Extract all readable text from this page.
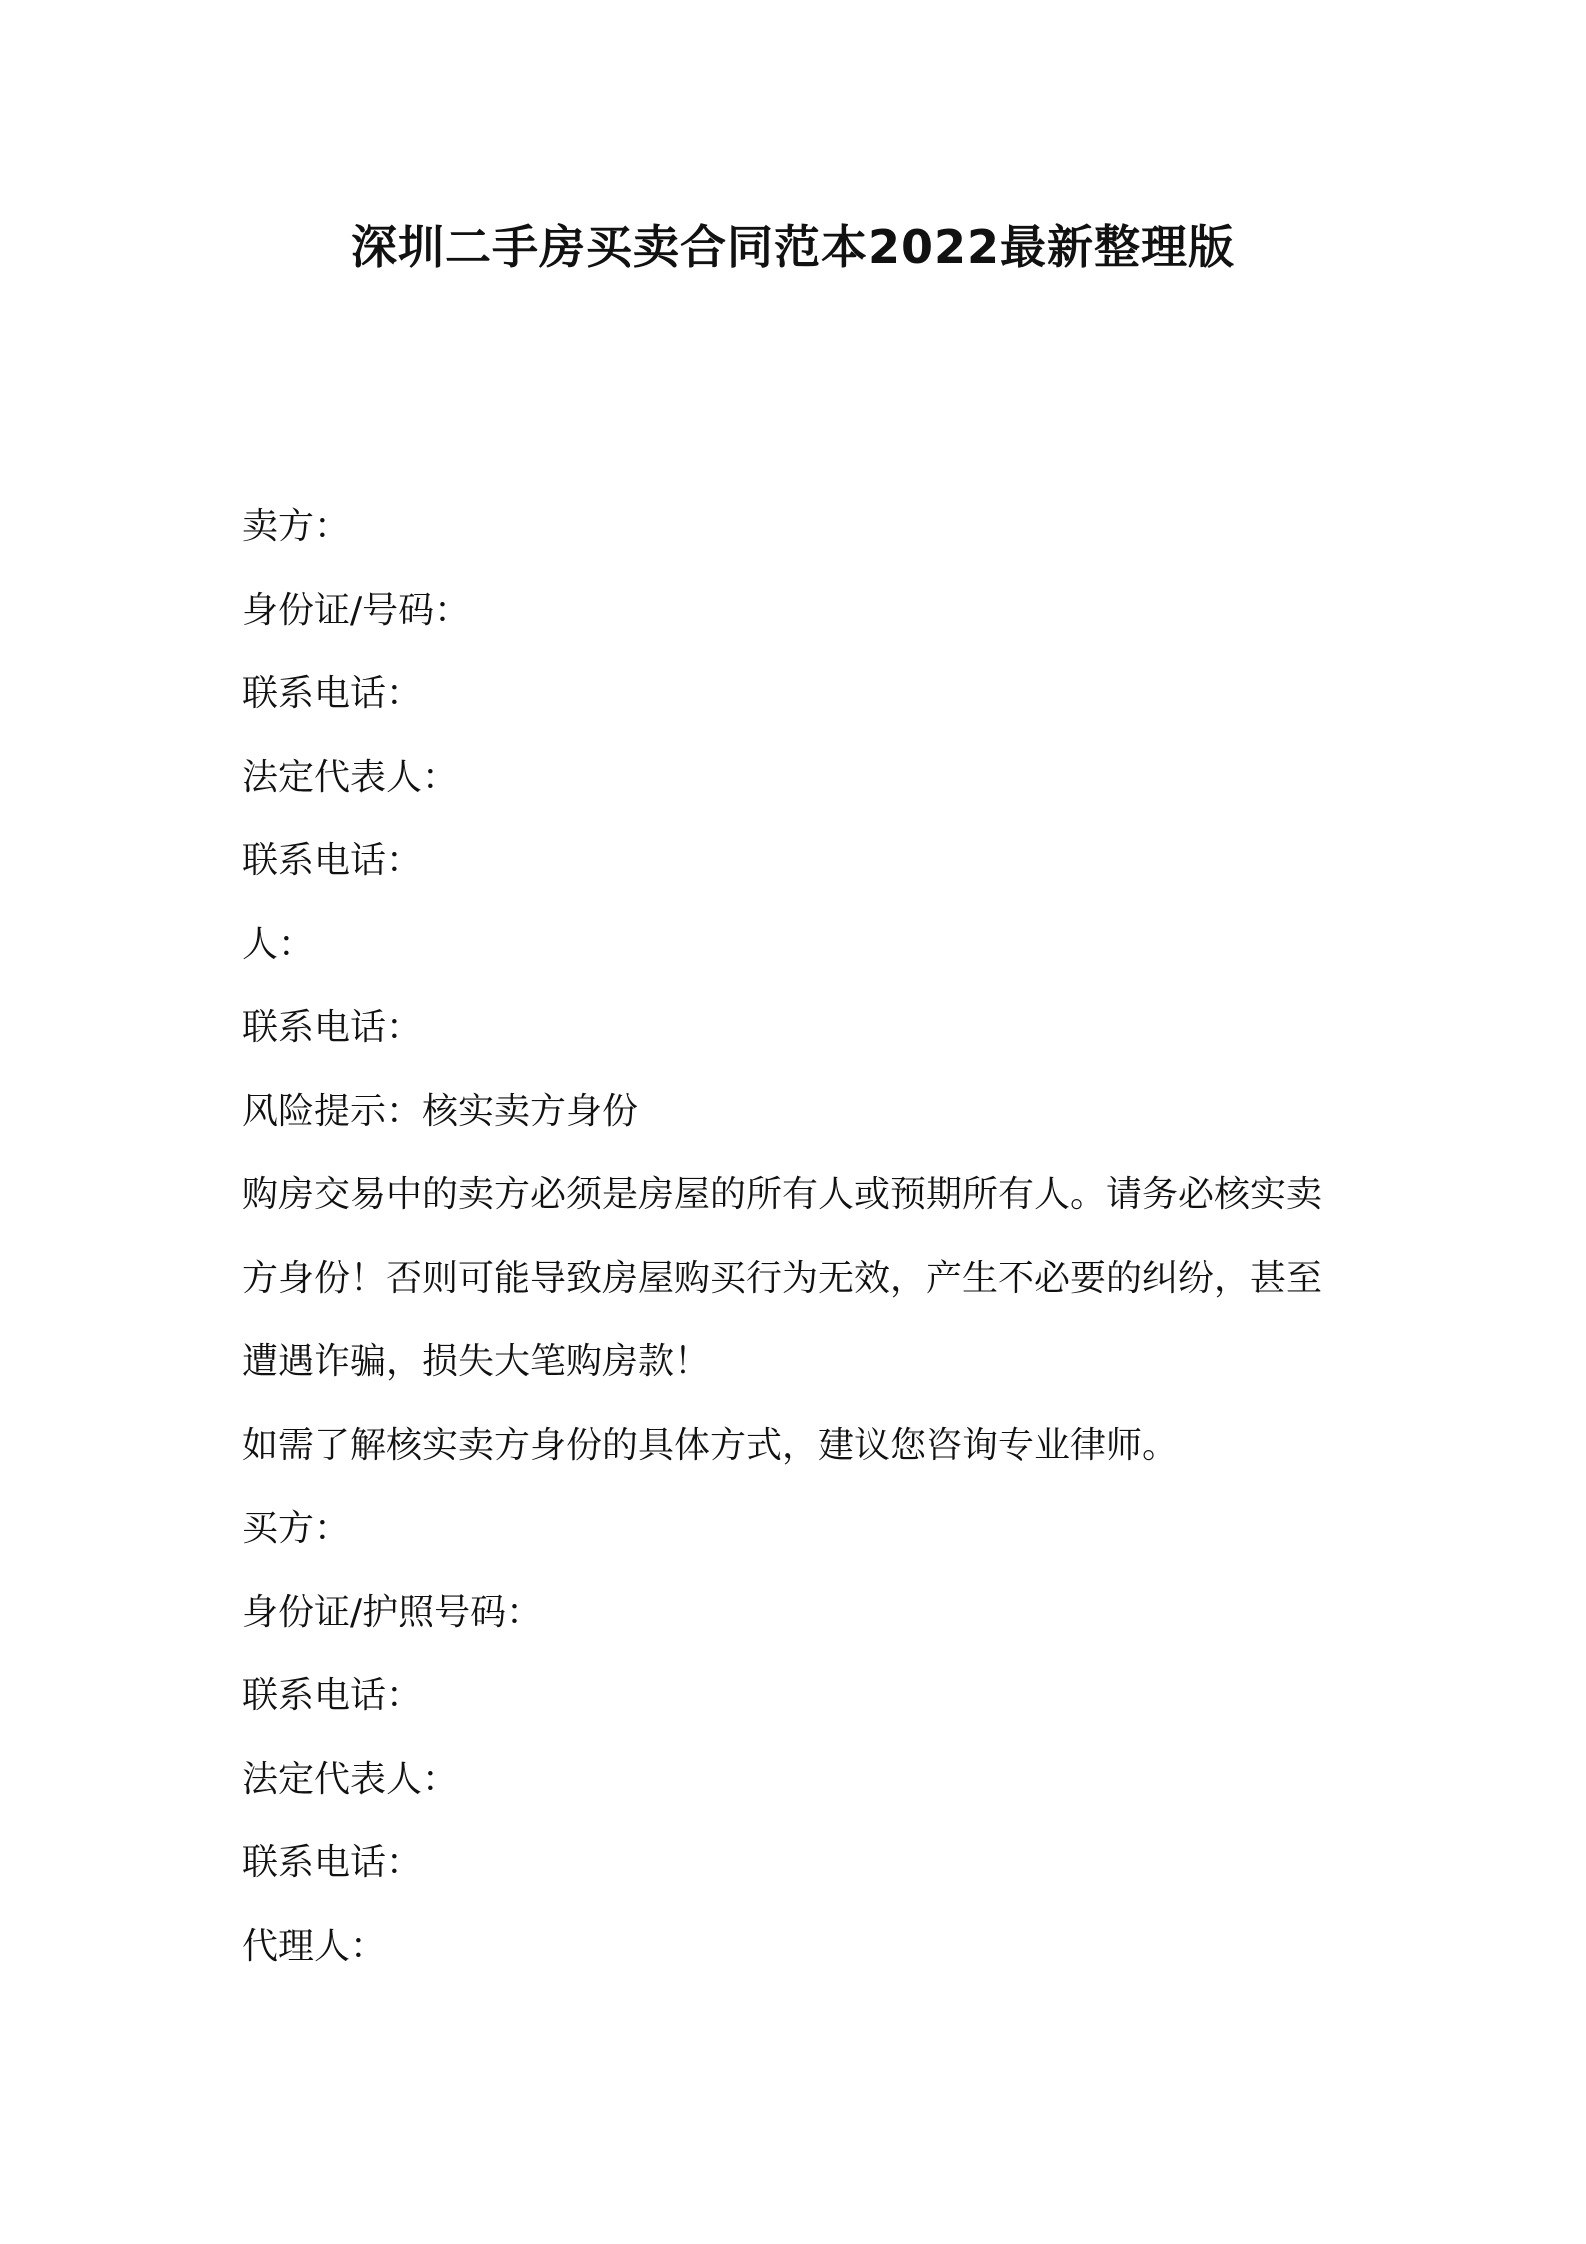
深圳二手房买卖合同范本2022最新整理版
卖方：
身份证/号码：
联系电话：
法定代表人：
联系电话：
人：
联系电话：
风险提示：核实卖方身份
购房交易中的卖方必须是房屋的所有人或预期所有人。请务必核实卖
方身份！否则可能导致房屋购买行为无效，产生不必要的纠纷，甚至
遭遇诈骗，损失大笔购房款！
如需了解核实卖方身份的具体方式，建议您咨询专业律师。
买方：
身份证/护照号码：
联系电话：
法定代表人：
联系电话：
代理人：
